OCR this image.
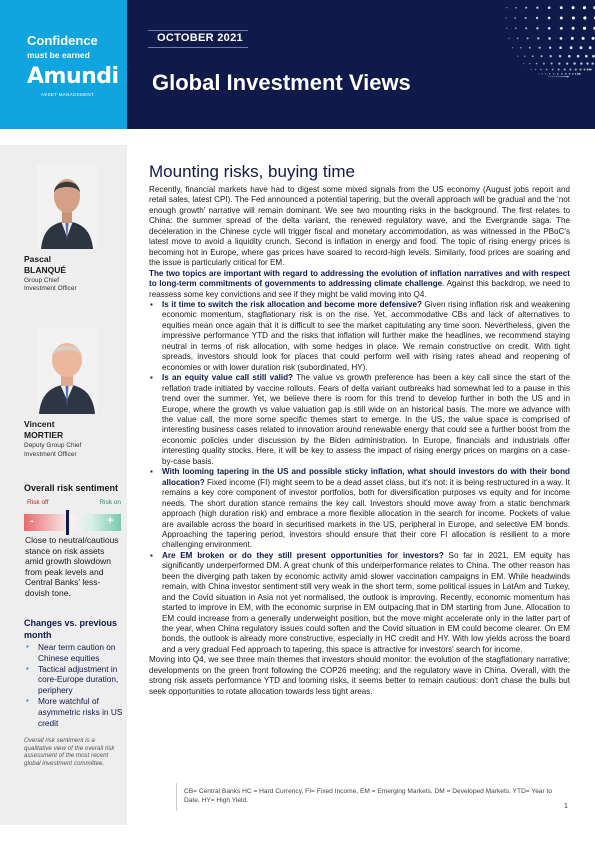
Confidence
must be earned
Amundi
ASSET MANAGEMENT
OCTOBER 2021
Global Investment Views
Pascal
BLANQUÉ
Group Chief
Investment Officer
Vincent
MORTIER
Deputy Group Chief
Investment Officer
Overall risk sentiment
Risk off	Risk on
-	+
Close to neutral/cautious stance on risk assets amid growth slowdown from peak levels and Central Banks' less-dovish tone.
Changes vs. previous month
▪ Near term caution on Chinese equities
▪ Tactical adjustment in core-Europe duration, periphery
▪ More watchful of asymmetric risks in US credit
Overall risk sentiment is a qualitative view of the overall risk assessment of the most recent global investment committee.
Mounting risks, buying time

Recently, financial markets have had to digest some mixed signals from the US economy (August jobs report and retail sales, latest CPI). The Fed announced a potential tapering, but the overall approach will be gradual and the ‘not enough growth’ narrative will remain dominant. We see two mounting risks in the background. The first relates to China: the summer spread of the delta variant, the renewed regulatory wave, and the Evergrande saga. The deceleration in the Chinese cycle will trigger fiscal and monetary accommodation, as was witnessed in the PBoC's latest move to avoid a liquidity crunch. Second is inflation in energy and food. The topic of rising energy prices is becoming hot in Europe, where gas prices have soared to record-high levels. Similarly, food prices are soaring and the issue is particularly critical for EM.

The two topics are important with regard to addressing the evolution of inflation narratives and with respect to long-term commitments of governments to addressing climate challenge. Against this backdrop, we need to reassess some key convictions and see if they might be valid moving into Q4.

▪ Is it time to switch the risk allocation and become more defensive? Given rising inflation risk and weakening economic momentum, stagflationary risk is on the rise. Yet, accommodative CBs and lack of alternatives to equities mean once again that it is difficult to see the market capitulating any time soon. Nevertheless, given the impressive performance YTD and the risks that inflation will further make the headlines, we recommend staying neutral in terms of risk allocation, with some hedges in place. We remain constructive on credit. With tight spreads, investors should look for places that could perform well with rising rates ahead and reopening of economies or with lower duration risk (subordinated, HY).
▪ Is an equity value call still valid? The value vs growth preference has been a key call since the start of the reflation trade initiated by vaccine rollouts. Fears of delta variant outbreaks had somewhat led to a pause in this trend over the summer. Yet, we believe there is room for this trend to develop further in both the US and in Europe, where the growth vs value valuation gap is still wide on an historical basis. The more we advance with the value call, the more some specific themes start to emerge. In the US, the value space is comprised of interesting business cases related to innovation around renewable energy that could see a further boost from the economic policies under discussion by the Biden administration. In Europe, financials and industrials offer interesting quality stocks. Here, it will be key to assess the impact of rising energy prices on margins on a case-by-case basis.
▪ With looming tapering in the US and possible sticky inflation, what should investors do with their bond allocation? Fixed income (FI) might seem to be a dead asset class, but it's not: it is being restructured in a way. It remains a key core component of investor portfolios, both for diversification purposes vs equity and for income needs. The short duration stance remains the key call. Investors should move away from a static benchmark approach (high duration risk) and embrace a more flexible allocation in the search for income. Pockets of value are available across the board in securitised markets in the US, peripheral in Europe, and selective EM bonds. Approaching the tapering period, investors should ensure that their core FI allocation is resilient to a more challenging environment.
▪ Are EM broken or do they still present opportunities for investors? So far in 2021, EM equity has significantly underperformed DM. A great chunk of this underperformance relates to China. The other reason has been the diverging path taken by economic activity amid slower vaccination campaigns in EM. While headwinds remain, with China investor sentiment still very weak in the short term, some political issues in LatAm and Turkey, and the Covid situation in Asia not yet normalised, the outlook is improving. Recently, economic momentum has started to improve in EM, with the economic surprise in EM outpacing that in DM starting from June. Allocation to EM could increase from a generally underweight position, but the move might accelerate only in the latter part of the year, when China regulatory issues could soften and the Covid situation in EM could become clearer. On EM bonds, the outlook is already more constructive, especially in HC credit and HY. With low yields across the board and a very gradual Fed approach to tapering, this space is attractive for investors' search for income.

Moving into Q4, we see three main themes that investors should monitor: the evolution of the stagflationary narrative; developments on the green front following the COP26 meeting; and the regulatory wave in China. Overall, with the strong risk assets performance YTD and looming risks, it seems better to remain cautious: don't chase the bulls but seek opportunities to rotate allocation towards less tight areas.

CB= Central Banks HC = Hard Currency, FI= Fixed Income, EM = Emerging Markets, DM = Developed Markets, YTD= Year to Date, HY= High Yield.
1
